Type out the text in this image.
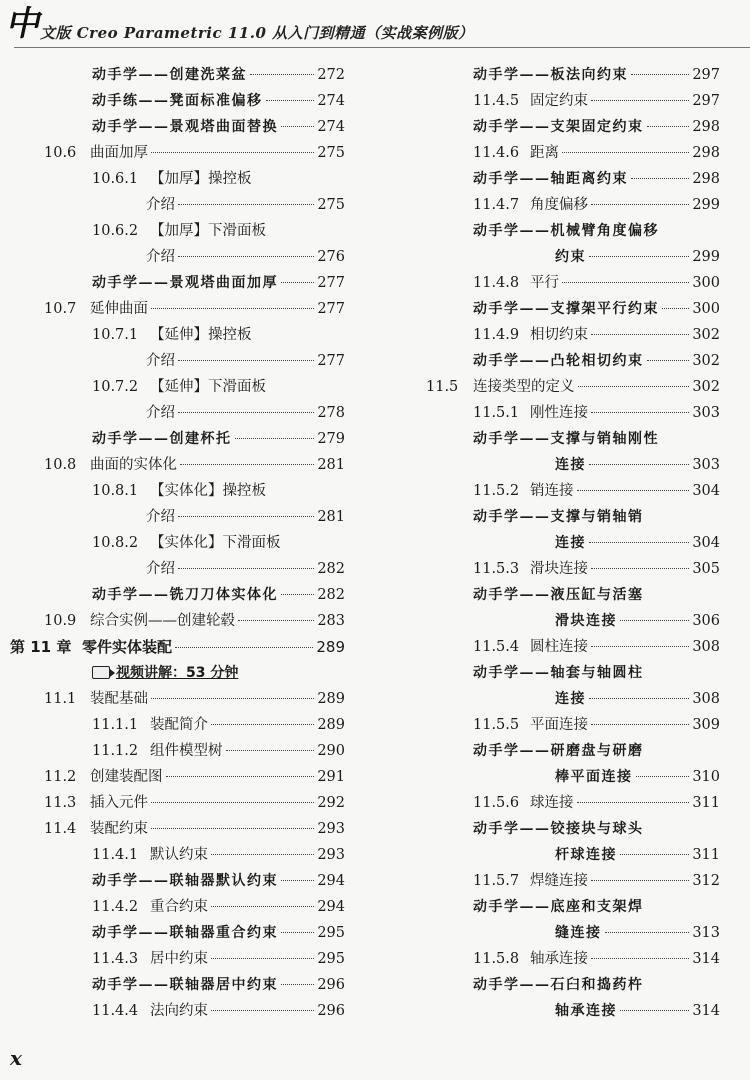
中
文版 Creo Parametric 11.0 从入门到精通（实战案例版）
动手学——创建洗菜盆	272
动手练——凳面标准偏移	274
动手学——景观塔曲面替换	274
10.6 曲面加厚	275
10.6.1 【加厚】操控板
介绍	275
10.6.2 【加厚】下滑面板
介绍	276
动手学——景观塔曲面加厚	277
10.7 延伸曲面	277
10.7.1 【延伸】操控板
介绍	277
10.7.2 【延伸】下滑面板
介绍	278
动手学——创建杯托	279
10.8 曲面的实体化	281
10.8.1 【实体化】操控板
介绍	281
10.8.2 【实体化】下滑面板
介绍	282
动手学——铣刀刀体实体化	282
10.9 综合实例——创建轮毂	283
第 11 章 零件实体装配	289
视频讲解：53 分钟
11.1 装配基础	289
11.1.1 装配简介	289
11.1.2 组件模型树	290
11.2 创建装配图	291
11.3 插入元件	292
11.4 装配约束	293
11.4.1 默认约束	293
动手学——联轴器默认约束	294
11.4.2 重合约束	294
动手学——联轴器重合约束	295
11.4.3 居中约束	295
动手学——联轴器居中约束	296
11.4.4 法向约束	296
动手学——板法向约束	297
11.4.5 固定约束	297
动手学——支架固定约束	298
11.4.6 距离	298
动手学——轴距离约束	298
11.4.7 角度偏移	299
动手学——机械臂角度偏移
约束	299
11.4.8 平行	300
动手学——支撑架平行约束 300
11.4.9 相切约束	302
动手学——凸轮相切约束	302
11.5 连接类型的定义	302
11.5.1 刚性连接	303
动手学——支撑与销轴刚性
连接	303
11.5.2 销连接	304
动手学——支撑与销轴销
连接	304
11.5.3 滑块连接	305
动手学——液压缸与活塞
滑块连接	306
11.5.4 圆柱连接	308
动手学——轴套与轴圆柱
连接	308
11.5.5 平面连接	309
动手学——研磨盘与研磨
棒平面连接	310
11.5.6 球连接	311
动手学——铰接块与球头
杆球连接	311
11.5.7 焊缝连接	312
动手学——底座和支架焊
缝连接	313
11.5.8 轴承连接	314
动手学——石臼和捣药杵
轴承连接	314
x
